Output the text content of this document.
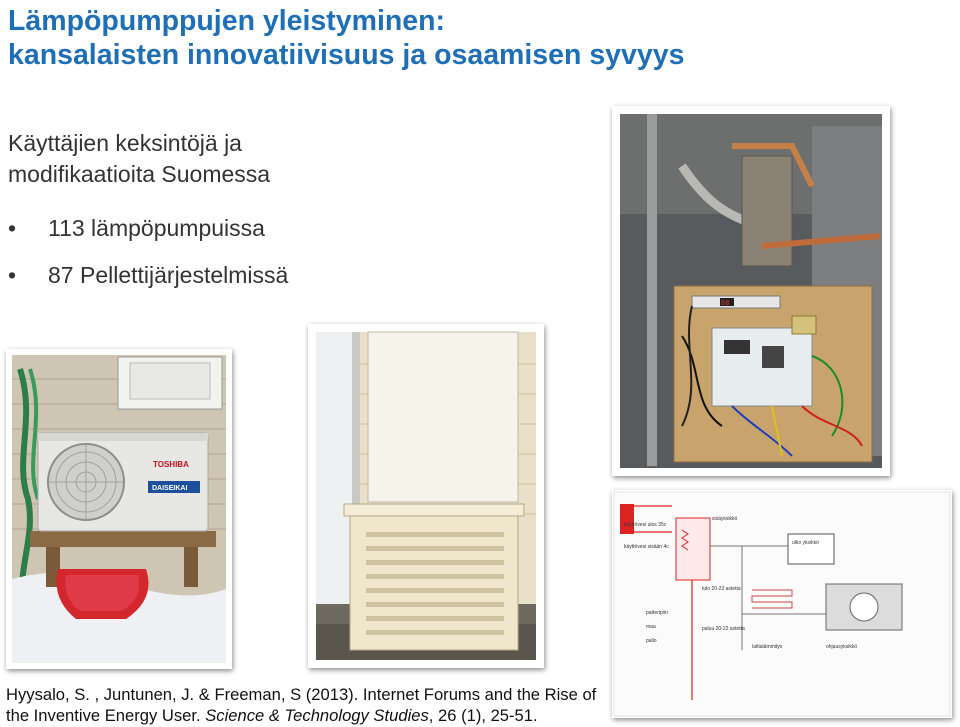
Lämpöpumppujen yleistyminen:
kansalaisten innovatiivisuus ja osaamisen syvyys
Käyttäjien keksintöjä ja
modifikaatioita Suomessa
• 113 lämpöpumpuissa
• 87 Pellettijärjestelmissä
TOSHIBA
DAISEIKAI
88
käyttövesi ulos 35c
käyttövesi sisään 4c
sisäyksikkö
ulko yksikkö
tulo 20-22 astetta
paluu 20-22 astetta
patteripiiri
maa
pallo
lattialämmitys	ohjausyksikkö
Hyysalo, S. , Juntunen, J. & Freeman, S (2013). Internet Forums and the Rise of
the Inventive Energy User. Science & Technology Studies, 26 (1), 25-51.
